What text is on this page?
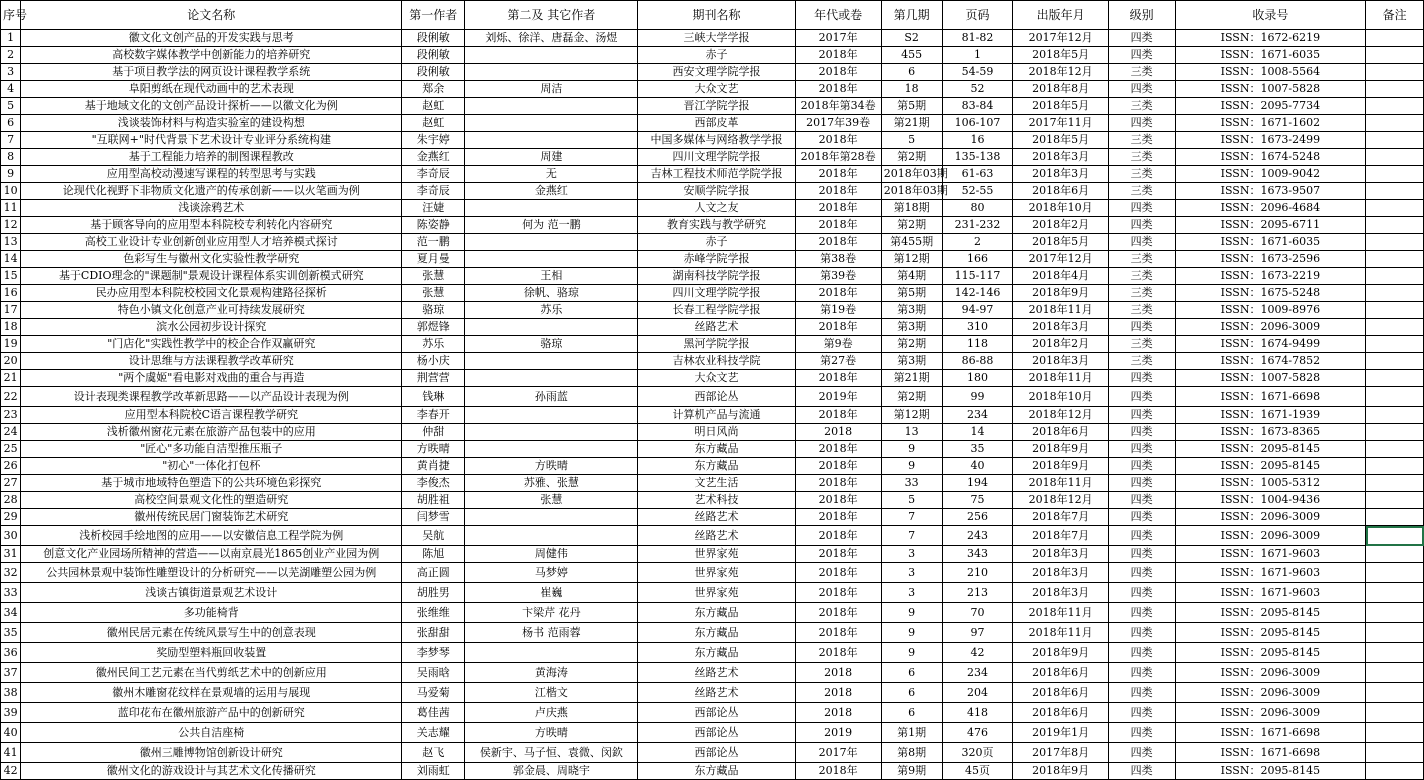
序号	论文名称	第一作者	第二及 其它作者	期刊名称	年代或卷	第几期	页码	出版年月	级别	收录号	备注
1	徽文化文创产品的开发实践与思考	段俐敏	刘烁、徐洋、唐磊金、汤煜	三峡大学学报	2017年	S2	81-82	2017年12月	四类	ISSN：1672-6219	
2	高校数字媒体教学中创新能力的培养研究	段俐敏		赤子	2018年	455	1	2018年5月	四类	ISSN：1671-6035	
3	基于项目教学法的网页设计课程教学系统	段俐敏		西安文理学院学报	2018年	6	54-59	2018年12月	三类	ISSN：1008-5564	
4	阜阳剪纸在现代动画中的艺术表现	郑余	周洁	大众文艺	2018年	18	52	2018年8月	四类	ISSN：1007-5828	
5	基于地域文化的文创产品设计探析——以徽文化为例	赵虹		晋江学院学报	2018年第34卷	第5期	83-84	2018年5月	三类	ISSN：2095-7734	
6	浅谈装饰材料与构造实验室的建设构想	赵虹		西部皮革	2017年39卷	第21期	106-107	2017年11月	四类	ISSN：1671-1602	
7	"互联网+"时代背景下艺术设计专业评分系统构建	朱宇婷		中国多媒体与网络教学学报	2018年	5	16	2018年5月	三类	ISSN：1673-2499	
8	基于工程能力培养的制图课程教改	金燕红	周建	四川文理学院学报	2018年第28卷	第2期	135-138	2018年3月	三类	ISSN：1674-5248	
9	应用型高校动漫速写课程的转型思考与实践	李奇辰	无	吉林工程技术师范学院学报	2018年	2018年03期	61-63	2018年3月	三类	ISSN：1009-9042	
10	论现代化视野下非物质文化遗产的传承创新——以火笔画为例	李奇辰	金燕红	安顺学院学报	2018年	2018年03期	52-55	2018年6月	三类	ISSN：1673-9507	
11	浅谈涂鸦艺术	汪婕		人文之友	2018年	第18期	80	2018年10月	四类	ISSN：2096-4684	
12	基于顾客导向的应用型本科院校专利转化内容研究	陈姿静	何为 范一鹏	教育实践与教学研究	2018年	第2期	231-232	2018年2月	四类	ISSN：2095-6711	
13	高校工业设计专业创新创业应用型人才培养模式探讨	范一鹏		赤子	2018年	第455期	2	2018年5月	四类	ISSN：1671-6035	
14	色彩写生与徽州文化实验性教学研究	夏月曼		赤峰学院学报	第38卷	第12期	166	2017年12月	三类	ISSN：1673-2596	
15	基于CDIO理念的"课题制"景观设计课程体系实训创新模式研究	张慧	王相	湖南科技学院学报	第39卷	第4期	115-117	2018年4月	三类	ISSN：1673-2219	
16	民办应用型本科院校校园文化景观构建路径探析	张慧	徐帆、骆琼	四川文理学院学报	2018年	第5期	142-146	2018年9月	三类	ISSN：1675-5248	
17	特色小镇文化创意产业可持续发展研究	骆琼	苏乐	长春工程学院学报	第19卷	第3期	94-97	2018年11月	三类	ISSN：1009-8976	
18	滨水公园初步设计探究	郭煜锋		丝路艺术	2018年	第3期	310	2018年3月	四类	ISSN：2096-3009	
19	"门店化"实践性教学中的校企合作双赢研究	苏乐	骆琼	黑河学院学报	第9卷	第2期	118	2018年2月	三类	ISSN：1674-9499	
20	设计思维与方法课程教学改革研究	杨小庆		吉林农业科技学院	第27卷	第3期	86-88	2018年3月	三类	ISSN：1674-7852	
21	"两个虞姬"看电影对戏曲的重合与再造	荆营营		大众文艺	2018年	第21期	180	2018年11月	四类	ISSN：1007-5828	
22	设计表现类课程教学改革新思路——以产品设计表现为例	钱琳	孙雨蓝	西部论丛	2019年	第2期	99	2018年10月	四类	ISSN：1671-6698	
23	应用型本科院校C语言课程教学研究	李春开		计算机产品与流通	2018年	第12期	234	2018年12月	四类	ISSN：1671-1939	
24	浅析徽州窗花元素在旅游产品包装中的应用	仲甜		明日风尚	2018	13	14	2018年6月	四类	ISSN：1673-8365	
25	"匠心"多功能自洁型推压瓶子	方昳晴		东方藏品	2018年	9	35	2018年9月	四类	ISSN：2095-8145	
26	"初心"一体化打包杯	黄肖捷	方昳晴	东方藏品	2018年	9	40	2018年9月	四类	ISSN：2095-8145	
27	基于城市地域特色塑造下的公共环境色彩探究	李俊杰	苏雅、张慧	文艺生活	2018年	33	194	2018年11月	四类	ISSN：1005-5312	
28	高校空间景观文化性的塑造研究	胡胜祖	张慧	艺术科技	2018年	5	75	2018年12月	四类	ISSN：1004-9436	
29	徽州传统民居门窗装饰艺术研究	闫梦雪		丝路艺术	2018年	7	256	2018年7月	四类	ISSN：2096-3009	
30	浅析校园手绘地图的应用——以安徽信息工程学院为例	吴航		丝路艺术	2018年	7	243	2018年7月	四类	ISSN：2096-3009	
31	创意文化产业园场所精神的营造——以南京晨光1865创业产业园为例	陈旭	周健伟	世界家苑	2018年	3	343	2018年3月	四类	ISSN：1671-9603	
32	公共园林景观中装饰性雕塑设计的分析研究——以芜湖雕塑公园为例	高正圆	马梦婷	世界家苑	2018年	3	210	2018年3月	四类	ISSN：1671-9603	
33	浅谈古镇街道景观艺术设计	胡胜男	崔巍	世界家苑	2018年	3	213	2018年3月	四类	ISSN：1671-9603	
34	多功能椅背	张维维	卞梁芹 花丹	东方藏品	2018年	9	70	2018年11月	四类	ISSN：2095-8145	
35	徽州民居元素在传统风景写生中的创意表现	张甜甜	杨书 范雨蓉	东方藏品	2018年	9	97	2018年11月	四类	ISSN：2095-8145	
36	奖励型塑料瓶回收装置	李梦琴		东方藏品	2018年	9	42	2018年9月	四类	ISSN：2095-8145	
37	徽州民间工艺元素在当代剪纸艺术中的创新应用	吴雨晗	黄海涛	丝路艺术	2018	6	234	2018年6月	四类	ISSN：2096-3009	
38	徽州木雕窗花纹样在景观墙的运用与展现	马爱菊	江楷文	丝路艺术	2018	6	204	2018年6月	四类	ISSN：2096-3009	
39	蓝印花布在徽州旅游产品中的创新研究	葛佳茜	卢庆燕	西部论丛	2018	6	418	2018年6月	四类	ISSN：2096-3009	
40	公共自洁座椅	关志耀	方昳晴	西部论丛	2019	第1期	476	2019年1月	四类	ISSN：1671-6698	
41	徽州三雕博物馆创新设计研究	赵飞	侯新宇、马子恒、袁微、闵欽	西部论丛	2017年	第8期	320页	2017年8月	四类	ISSN：1671-6698	
42	徽州文化的游戏设计与其艺术文化传播研究	刘雨虹	郭金晨、周晓宇	东方藏品	2018年	第9期	45页	2018年9月	四类	ISSN：2095-8145	
